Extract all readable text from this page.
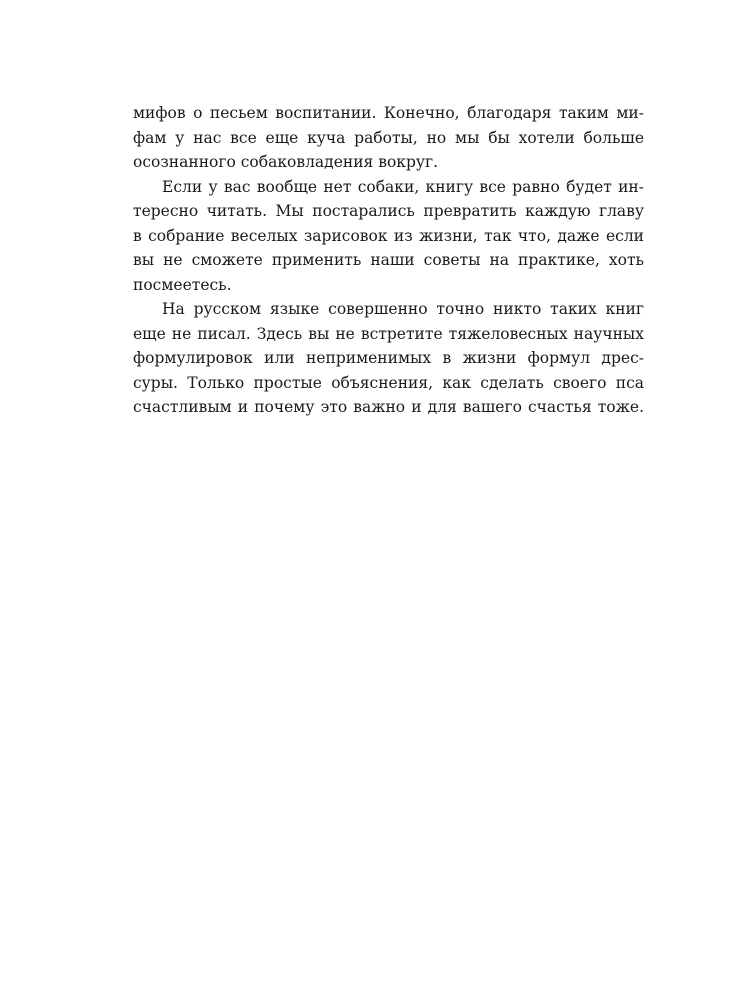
мифов о песьем воспитании. Конечно, благодаря таким ми-
фам у нас все еще куча работы, но мы бы хотели больше
осознанного собаковладения вокруг.
Если у вас вообще нет собаки, книгу все равно будет ин-
тересно читать. Мы постарались превратить каждую главу
в собрание веселых зарисовок из жизни, так что, даже если
вы не сможете применить наши советы на практике, хоть
посмеетесь.
На русском языке совершенно точно никто таких книг
еще не писал. Здесь вы не встретите тяжеловесных научных
формулировок или неприменимых в жизни формул дрес-
суры. Только простые объяснения, как сделать своего пса
счастливым и почему это важно и для вашего счастья тоже.
